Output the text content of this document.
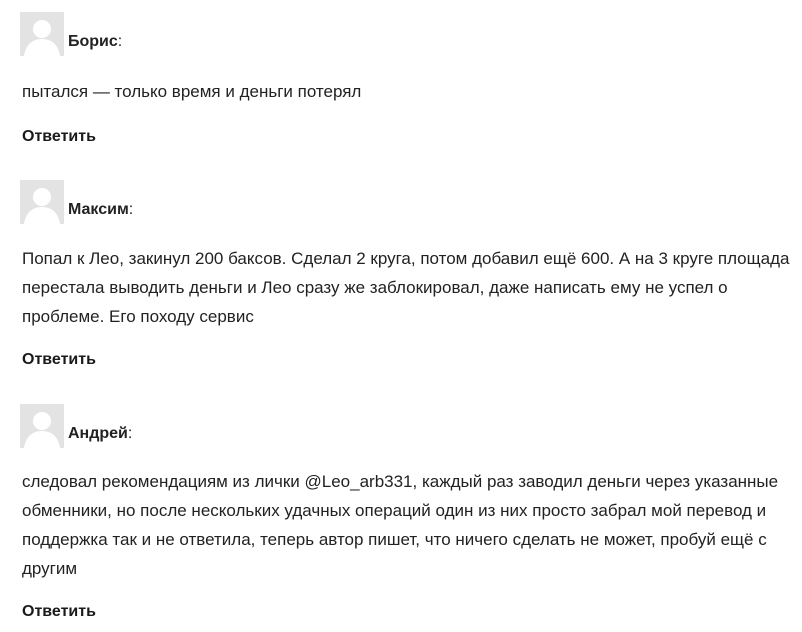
Борис:
пытался — только время и деньги потерял
Ответить
Максим:
Попал к Лео, закинул 200 баксов. Сделал 2 круга, потом добавил ещё 600. А на 3 круге площада перестала выводить деньги и Лео сразу же заблокировал, даже написать ему не успел о проблеме. Его походу сервис
Ответить
Андрей:
следовал рекомендациям из лички @Leo_arb331, каждый раз заводил деньги через указанные обменники, но после нескольких удачных операций один из них просто забрал мой перевод и поддержка так и не ответила, теперь автор пишет, что ничего сделать не может, пробуй ещё с другим
Ответить
